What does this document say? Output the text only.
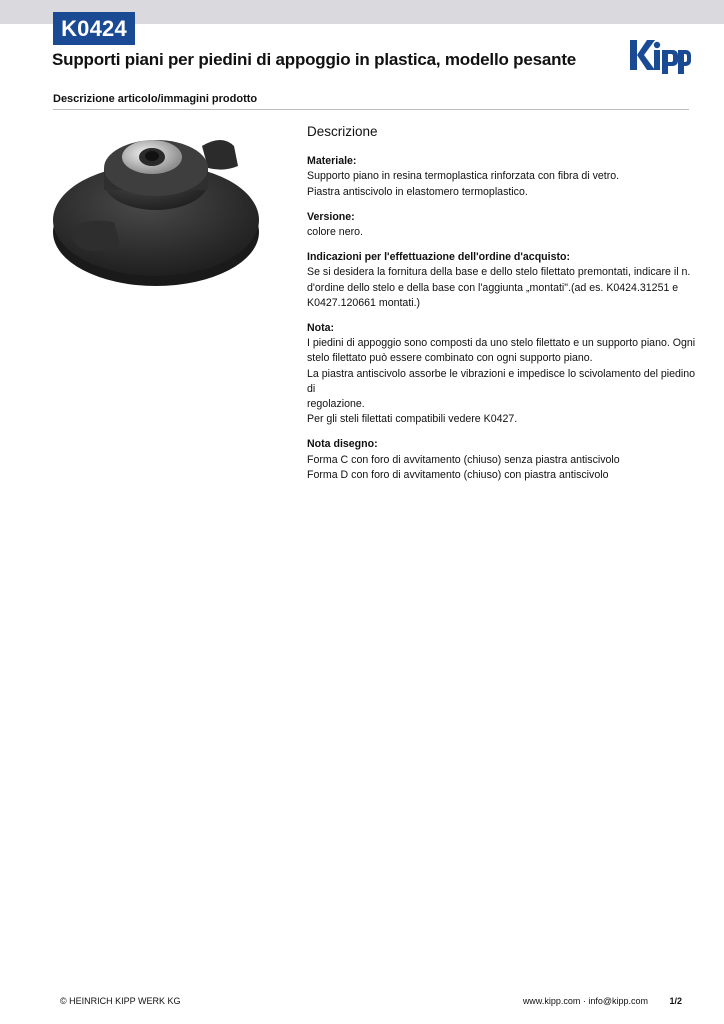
K0424
Supporti piani per piedini di appoggio in plastica, modello pesante
Descrizione articolo/immagini prodotto
Descrizione
Materiale:

Supporto piano in resina termoplastica rinforzata con fibra di vetro.

Piastra antiscivolo in elastomero termoplastico.

Versione:

colore nero.

Indicazioni per l'effettuazione dell'ordine d'acquisto:

Se si desidera la fornitura della base e dello stelo filettato premontati, indicare il n.

d'ordine dello stelo e della base con l'aggiunta „montati".(ad es. K0424.31251 e

K0427.120661 montati.)

Nota:

I piedini di appoggio sono composti da uno stelo filettato e un supporto piano. Ogni

stelo filettato può essere combinato con ogni supporto piano.

La piastra antiscivolo assorbe le vibrazioni e impedisce lo scivolamento del piedino di

regolazione.

Per gli steli filettati compatibili vedere K0427.

Nota disegno:

Forma C con foro di avvitamento (chiuso) senza piastra antiscivolo

Forma D con foro di avvitamento (chiuso) con piastra antiscivolo

© HEINRICH KIPP WERK KG	www.kipp.com · info@kipp.com 1/2
